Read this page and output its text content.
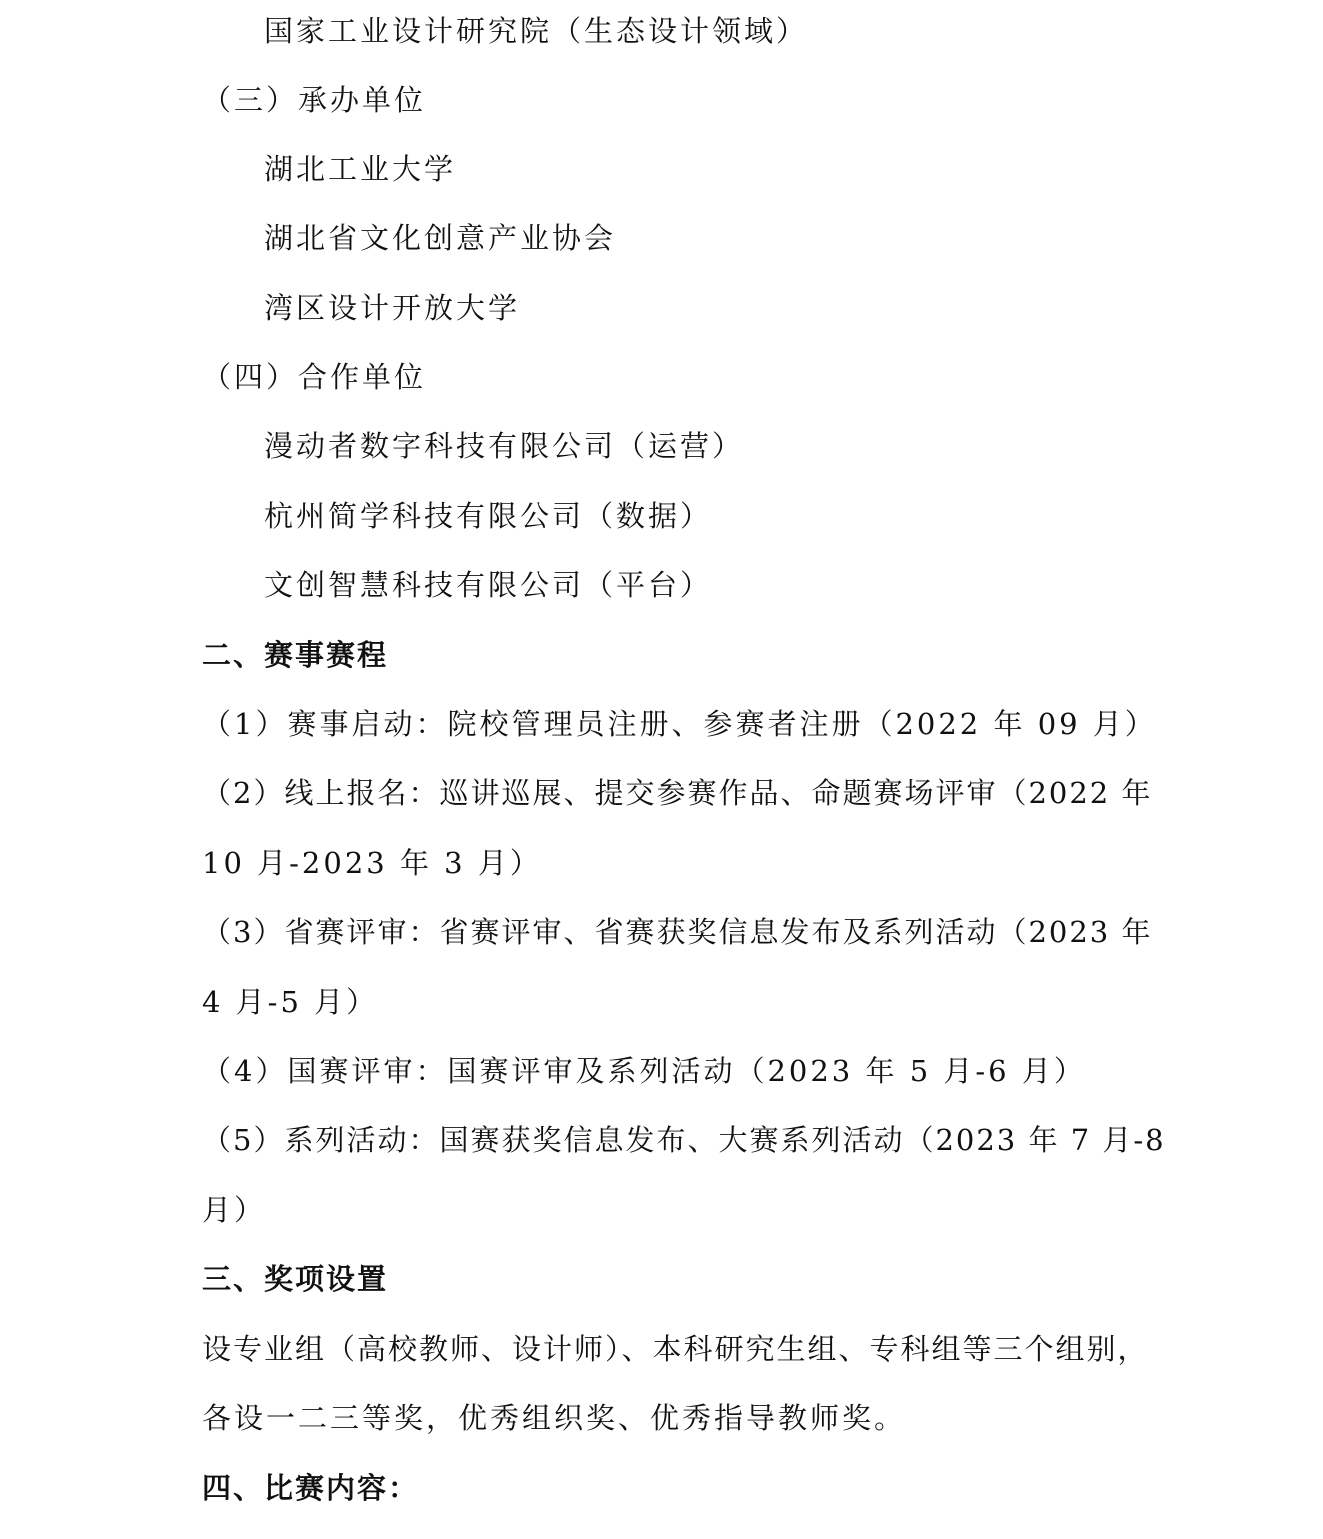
国家工业设计研究院（生态设计领域）
（三）承办单位
湖北工业大学
湖北省文化创意产业协会
湾区设计开放大学
（四）合作单位
漫动者数字科技有限公司（运营）
杭州简学科技有限公司（数据）
文创智慧科技有限公司（平台）
二、赛事赛程
（1）赛事启动：院校管理员注册、参赛者注册（2022 年 09 月）
（2）线上报名：巡讲巡展、提交参赛作品、命题赛场评审（2022 年
10 月-2023 年 3 月）
（3）省赛评审：省赛评审、省赛获奖信息发布及系列活动（2023 年
4 月-5 月）
（4）国赛评审：国赛评审及系列活动（2023 年 5 月-6 月）
（5）系列活动：国赛获奖信息发布、大赛系列活动（2023 年 7 月-8
月）
三、奖项设置
设专业组（高校教师、设计师）、本科研究生组、专科组等三个组别，
各设一二三等奖，优秀组织奖、优秀指导教师奖。
四、比赛内容：
